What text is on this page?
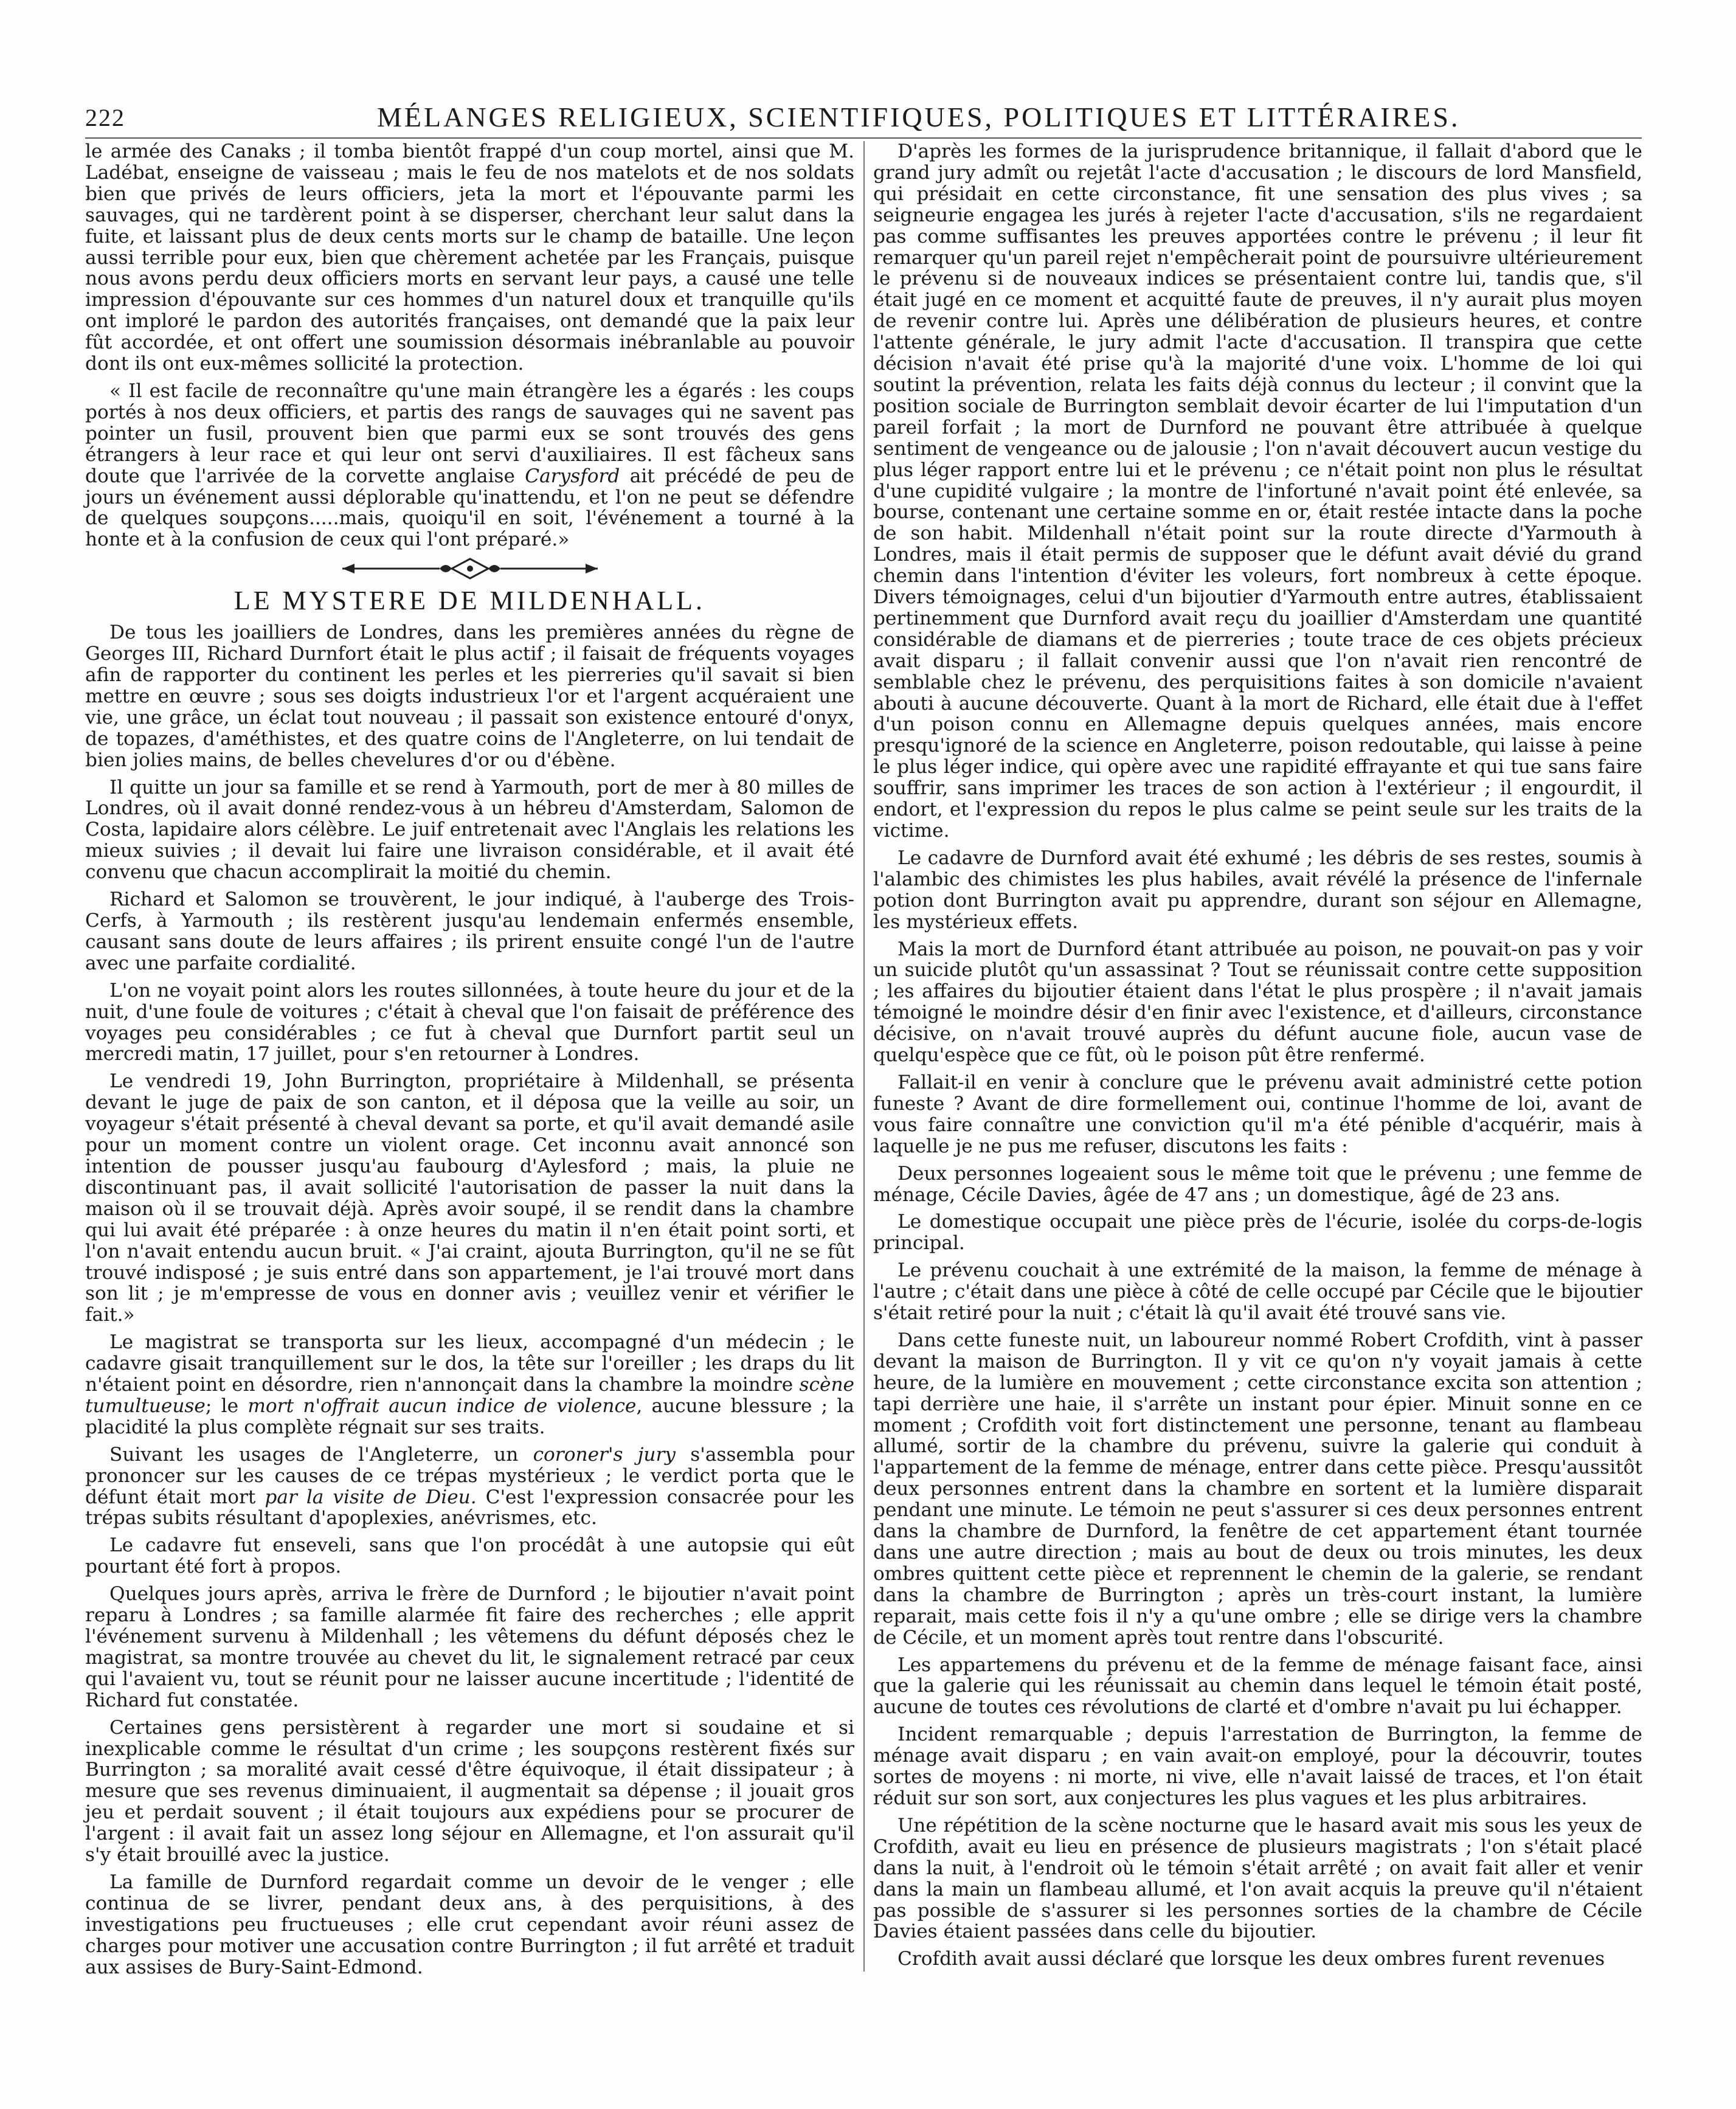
222	MÉLANGES RELIGIEUX, SCIENTIFIQUES, POLITIQUES ET LITTÉRAIRES.

le armée des Canaks ; il tomba bientôt frappé d'un coup mortel, ainsi que M. Ladébat, enseigne de vaisseau ; mais le feu de nos matelots et de nos soldats bien que privés de leurs officiers, jeta la mort et l'épouvante parmi les sauvages, qui ne tardèrent point à se disperser, cherchant leur salut dans la fuite, et laissant plus de deux cents morts sur le champ de bataille. Une leçon aussi terrible pour eux, bien que chèrement achetée par les Français, puisque nous avons perdu deux officiers morts en servant leur pays, a causé une telle impression d'épouvante sur ces hommes d'un naturel doux et tranquille qu'ils ont imploré le pardon des autorités françaises, ont demandé que la paix leur fût accordée, et ont offert une soumission désormais inébranlable au pouvoir dont ils ont eux-mêmes sollicité la protection.

« Il est facile de reconnaître qu'une main étrangère les a égarés : les coups portés à nos deux officiers, et partis des rangs de sauvages qui ne savent pas pointer un fusil, prouvent bien que parmi eux se sont trouvés des gens étrangers à leur race et qui leur ont servi d'auxiliaires. Il est fâcheux sans doute que l'arrivée de la corvette anglaise Carysford ait précédé de peu de jours un événement aussi déplorable qu'inattendu, et l'on ne peut se défendre de quelques soupçons.....mais, quoiqu'il en soit, l'événement a tourné à la honte et à la confusion de ceux qui l'ont préparé.»

LE MYSTERE DE MILDENHALL.

De tous les joailliers de Londres, dans les premières années du règne de Georges III, Richard Durnfort était le plus actif ; il faisait de fréquents voyages afin de rapporter du continent les perles et les pierreries qu'il savait si bien mettre en œuvre ; sous ses doigts industrieux l'or et l'argent acquéraient une vie, une grâce, un éclat tout nouveau ; il passait son existence entouré d'onyx, de topazes, d'améthistes, et des quatre coins de l'Angleterre, on lui tendait de bien jolies mains, de belles chevelures d'or ou d'ébène.

Il quitte un jour sa famille et se rend à Yarmouth, port de mer à 80 milles de Londres, où il avait donné rendez-vous à un hébreu d'Amsterdam, Salomon de Costa, lapidaire alors célèbre. Le juif entretenait avec l'Anglais les relations les mieux suivies ; il devait lui faire une livraison considérable, et il avait été convenu que chacun accomplirait la moitié du chemin.

Richard et Salomon se trouvèrent, le jour indiqué, à l'auberge des Trois-Cerfs, à Yarmouth ; ils restèrent jusqu'au lendemain enfermés ensemble, causant sans doute de leurs affaires ; ils prirent ensuite congé l'un de l'autre avec une parfaite cordialité.

L'on ne voyait point alors les routes sillonnées, à toute heure du jour et de la nuit, d'une foule de voitures ; c'était à cheval que l'on faisait de préférence des voyages peu considérables ; ce fut à cheval que Durnfort partit seul un mercredi matin, 17 juillet, pour s'en retourner à Londres.

Le vendredi 19, John Burrington, propriétaire à Mildenhall, se présenta devant le juge de paix de son canton, et il déposa que la veille au soir, un voyageur s'était présenté à cheval devant sa porte, et qu'il avait demandé asile pour un moment contre un violent orage. Cet inconnu avait annoncé son intention de pousser jusqu'au faubourg d'Aylesford ; mais, la pluie ne discontinuant pas, il avait sollicité l'autorisation de passer la nuit dans la maison où il se trouvait déjà. Après avoir soupé, il se rendit dans la chambre qui lui avait été préparée : à onze heures du matin il n'en était point sorti, et l'on n'avait entendu aucun bruit. « J'ai craint, ajouta Burrington, qu'il ne se fût trouvé indisposé ; je suis entré dans son appartement, je l'ai trouvé mort dans son lit ; je m'empresse de vous en donner avis ; veuillez venir et vérifier le fait.»

Le magistrat se transporta sur les lieux, accompagné d'un médecin ; le cadavre gisait tranquillement sur le dos, la tête sur l'oreiller ; les draps du lit n'étaient point en désordre, rien n'annonçait dans la chambre la moindre scène tumultueuse; le mort n'offrait aucun indice de violence, aucune blessure ; la placidité la plus complète régnait sur ses traits.

Suivant les usages de l'Angleterre, un coroner's jury s'assembla pour prononcer sur les causes de ce trépas mystérieux ; le verdict porta que le défunt était mort par la visite de Dieu. C'est l'expression consacrée pour les trépas subits résultant d'apoplexies, anévrismes, etc.

Le cadavre fut enseveli, sans que l'on procédât à une autopsie qui eût pourtant été fort à propos.

Quelques jours après, arriva le frère de Durnford ; le bijoutier n'avait point reparu à Londres ; sa famille alarmée fit faire des recherches ; elle apprit l'événement survenu à Mildenhall ; les vêtemens du défunt déposés chez le magistrat, sa montre trouvée au chevet du lit, le signalement retracé par ceux qui l'avaient vu, tout se réunit pour ne laisser aucune incertitude ; l'identité de Richard fut constatée.

Certaines gens persistèrent à regarder une mort si soudaine et si inexplicable comme le résultat d'un crime ; les soupçons restèrent fixés sur Burrington ; sa moralité avait cessé d'être équivoque, il était dissipateur ; à mesure que ses revenus diminuaient, il augmentait sa dépense ; il jouait gros jeu et perdait souvent ; il était toujours aux expédiens pour se procurer de l'argent : il avait fait un assez long séjour en Allemagne, et l'on assurait qu'il s'y était brouillé avec la justice.

La famille de Durnford regardait comme un devoir de le venger ; elle continua de se livrer, pendant deux ans, à des perquisitions, à des investigations peu fructueuses ; elle crut cependant avoir réuni assez de charges pour motiver une accusation contre Burrington ; il fut arrêté et traduit aux assises de Bury-Saint-Edmond.

D'après les formes de la jurisprudence britannique, il fallait d'abord que le grand jury admît ou rejetât l'acte d'accusation ; le discours de lord Mansfield, qui présidait en cette circonstance, fit une sensation des plus vives ; sa seigneurie engagea les jurés à rejeter l'acte d'accusation, s'ils ne regardaient pas comme suffisantes les preuves apportées contre le prévenu ; il leur fit remarquer qu'un pareil rejet n'empêcherait point de poursuivre ultérieurement le prévenu si de nouveaux indices se présentaient contre lui, tandis que, s'il était jugé en ce moment et acquitté faute de preuves, il n'y aurait plus moyen de revenir contre lui. Après une délibération de plusieurs heures, et contre l'attente générale, le jury admit l'acte d'accusation. Il transpira que cette décision n'avait été prise qu'à la majorité d'une voix. L'homme de loi qui soutint la prévention, relata les faits déjà connus du lecteur ; il convint que la position sociale de Burrington semblait devoir écarter de lui l'imputation d'un pareil forfait ; la mort de Durnford ne pouvant être attribuée à quelque sentiment de vengeance ou de jalousie ; l'on n'avait découvert aucun vestige du plus léger rapport entre lui et le prévenu ; ce n'était point non plus le résultat d'une cupidité vulgaire ; la montre de l'infortuné n'avait point été enlevée, sa bourse, contenant une certaine somme en or, était restée intacte dans la poche de son habit. Mildenhall n'était point sur la route directe d'Yarmouth à Londres, mais il était permis de supposer que le défunt avait dévié du grand chemin dans l'intention d'éviter les voleurs, fort nombreux à cette époque. Divers témoignages, celui d'un bijoutier d'Yarmouth entre autres, établissaient pertinemment que Durnford avait reçu du joaillier d'Amsterdam une quantité considérable de diamans et de pierreries ; toute trace de ces objets précieux avait disparu ; il fallait convenir aussi que l'on n'avait rien rencontré de semblable chez le prévenu, des perquisitions faites à son domicile n'avaient abouti à aucune découverte. Quant à la mort de Richard, elle était due à l'effet d'un poison connu en Allemagne depuis quelques années, mais encore presqu'ignoré de la science en Angleterre, poison redoutable, qui laisse à peine le plus léger indice, qui opère avec une rapidité effrayante et qui tue sans faire souffrir, sans imprimer les traces de son action à l'extérieur ; il engourdit, il endort, et l'expression du repos le plus calme se peint seule sur les traits de la victime.

Le cadavre de Durnford avait été exhumé ; les débris de ses restes, soumis à l'alambic des chimistes les plus habiles, avait révélé la présence de l'infernale potion dont Burrington avait pu apprendre, durant son séjour en Allemagne, les mystérieux effets.

Mais la mort de Durnford étant attribuée au poison, ne pouvait-on pas y voir un suicide plutôt qu'un assassinat ? Tout se réunissait contre cette supposition ; les affaires du bijoutier étaient dans l'état le plus prospère ; il n'avait jamais témoigné le moindre désir d'en finir avec l'existence, et d'ailleurs, circonstance décisive, on n'avait trouvé auprès du défunt aucune fiole, aucun vase de quelqu'espèce que ce fût, où le poison pût être renfermé.

Fallait-il en venir à conclure que le prévenu avait administré cette potion funeste ? Avant de dire formellement oui, continue l'homme de loi, avant de vous faire connaître une conviction qu'il m'a été pénible d'acquérir, mais à laquelle je ne pus me refuser, discutons les faits :

Deux personnes logeaient sous le même toit que le prévenu ; une femme de ménage, Cécile Davies, âgée de 47 ans ; un domestique, âgé de 23 ans.

Le domestique occupait une pièce près de l'écurie, isolée du corps-de-logis principal.

Le prévenu couchait à une extrémité de la maison, la femme de ménage à l'autre ; c'était dans une pièce à côté de celle occupé par Cécile que le bijoutier s'était retiré pour la nuit ; c'était là qu'il avait été trouvé sans vie.

Dans cette funeste nuit, un laboureur nommé Robert Crofdith, vint à passer devant la maison de Burrington. Il y vit ce qu'on n'y voyait jamais à cette heure, de la lumière en mouvement ; cette circonstance excita son attention ; tapi derrière une haie, il s'arrête un instant pour épier. Minuit sonne en ce moment ; Crofdith voit fort distinctement une personne, tenant au flambeau allumé, sortir de la chambre du prévenu, suivre la galerie qui conduit à l'appartement de la femme de ménage, entrer dans cette pièce. Presqu'aussitôt deux personnes entrent dans la chambre en sortent et la lumière disparait pendant une minute. Le témoin ne peut s'assurer si ces deux personnes entrent dans la chambre de Durnford, la fenêtre de cet appartement étant tournée dans une autre direction ; mais au bout de deux ou trois minutes, les deux ombres quittent cette pièce et reprennent le chemin de la galerie, se rendant dans la chambre de Burrington ; après un très-court instant, la lumière reparait, mais cette fois il n'y a qu'une ombre ; elle se dirige vers la chambre de Cécile, et un moment après tout rentre dans l'obscurité.

Les appartemens du prévenu et de la femme de ménage faisant face, ainsi que la galerie qui les réunissait au chemin dans lequel le témoin était posté, aucune de toutes ces révolutions de clarté et d'ombre n'avait pu lui échapper.

Incident remarquable ; depuis l'arrestation de Burrington, la femme de ménage avait disparu ; en vain avait-on employé, pour la découvrir, toutes sortes de moyens : ni morte, ni vive, elle n'avait laissé de traces, et l'on était réduit sur son sort, aux conjectures les plus vagues et les plus arbitraires.

Une répétition de la scène nocturne que le hasard avait mis sous les yeux de Crofdith, avait eu lieu en présence de plusieurs magistrats ; l'on s'était placé dans la nuit, à l'endroit où le témoin s'était arrêté ; on avait fait aller et venir dans la main un flambeau allumé, et l'on avait acquis la preuve qu'il n'étaient pas possible de s'assurer si les personnes sorties de la chambre de Cécile Davies étaient passées dans celle du bijoutier.

Crofdith avait aussi déclaré que lorsque les deux ombres furent revenues
